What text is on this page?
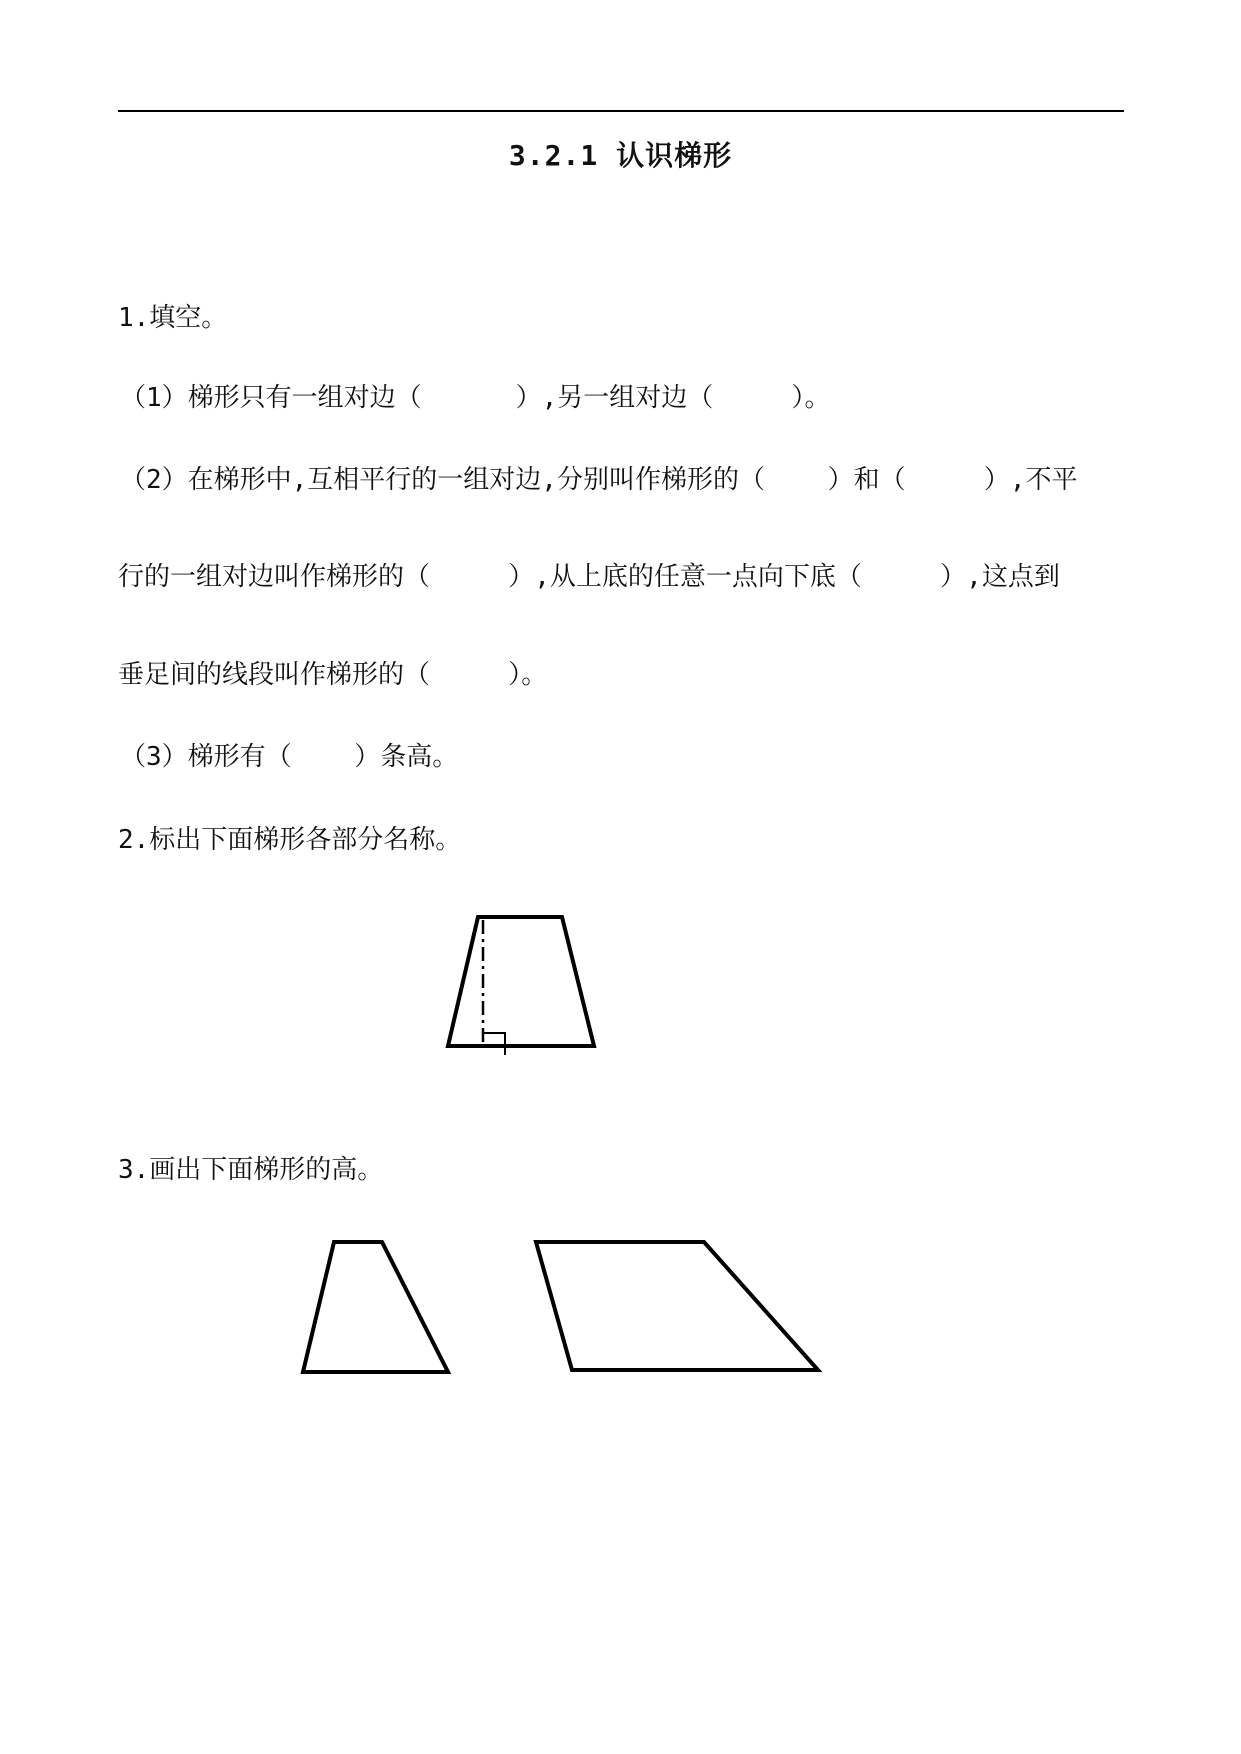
3.2.1 认识梯形
1.填空。
（1）梯形只有一组对边（      ）,另一组对边（     ）。
（2）在梯形中,互相平行的一组对边,分别叫作梯形的（    ）和（     ）,不平
行的一组对边叫作梯形的（     ）,从上底的任意一点向下底（     ）,这点到
垂足间的线段叫作梯形的（     ）。
（3）梯形有（    ）条高。
2.标出下面梯形各部分名称。
3.画出下面梯形的高。
